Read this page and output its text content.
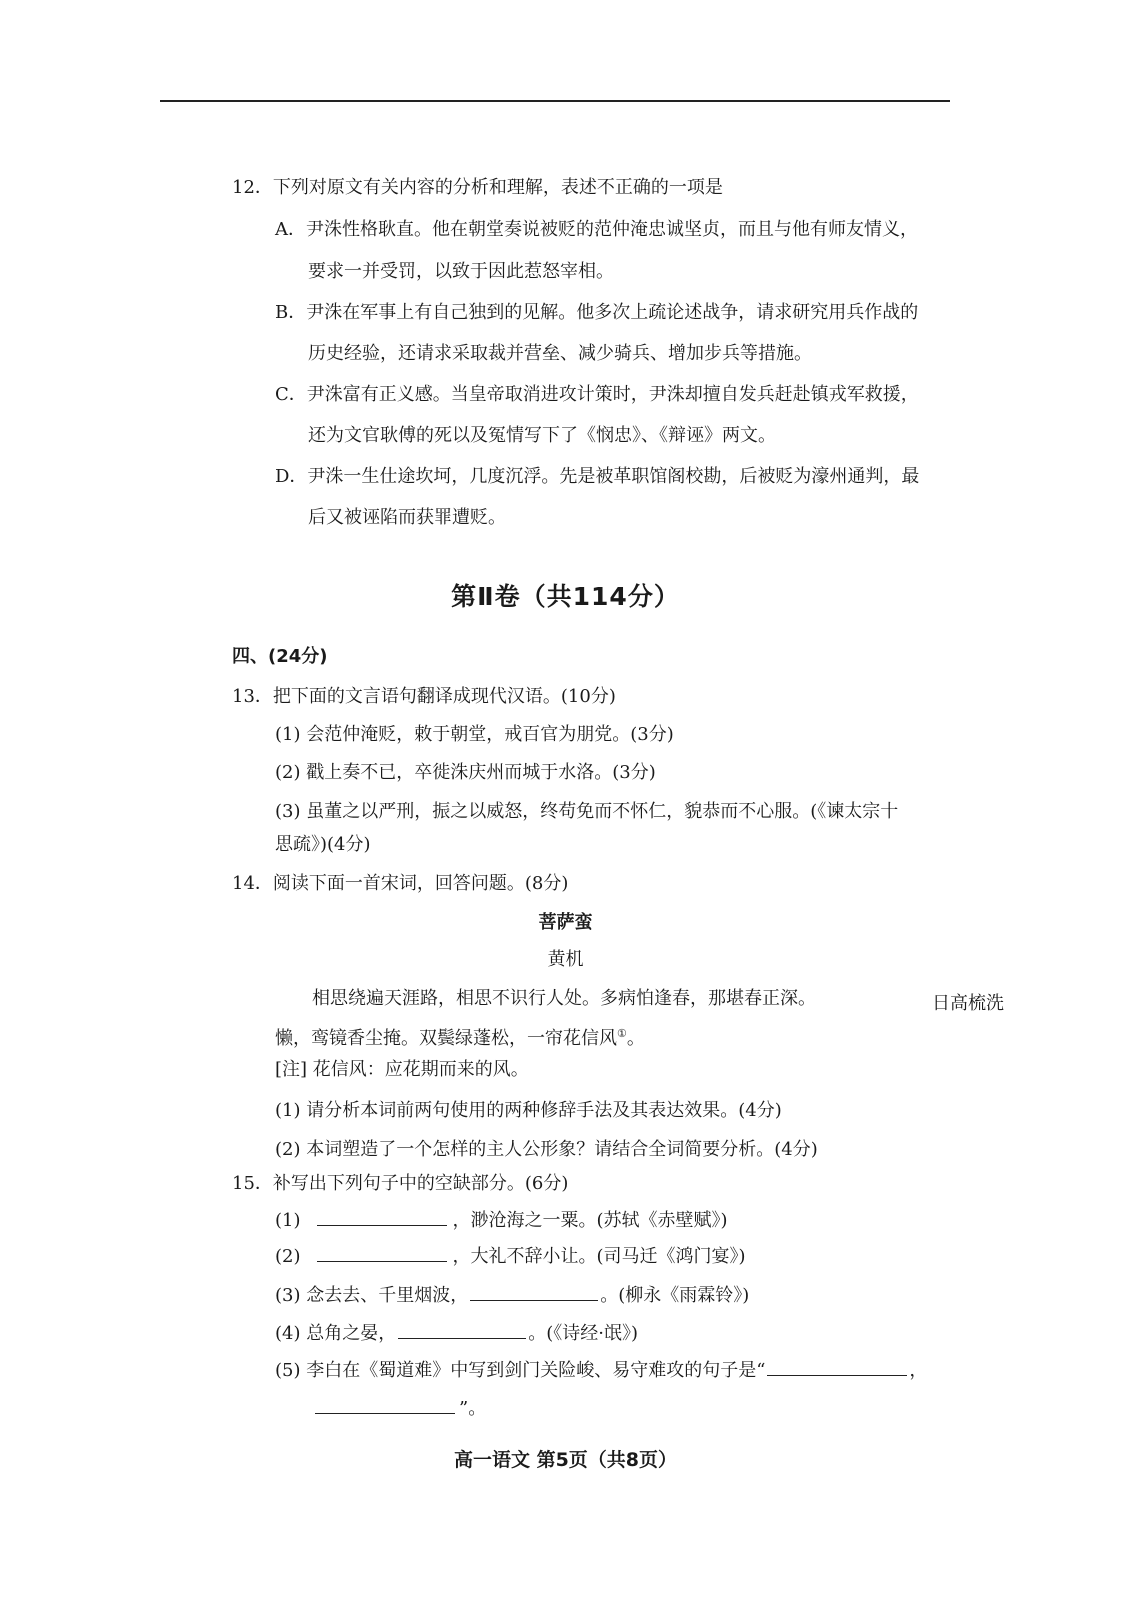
12．下列对原文有关内容的分析和理解，表述不正确的一项是
A．尹洙性格耿直。他在朝堂奏说被贬的范仲淹忠诚坚贞，而且与他有师友情义，
要求一并受罚，以致于因此惹怒宰相。
B．尹洙在军事上有自己独到的见解。他多次上疏论述战争，请求研究用兵作战的
历史经验，还请求采取裁并营垒、减少骑兵、增加步兵等措施。
C．尹洙富有正义感。当皇帝取消进攻计策时，尹洙却擅自发兵赶赴镇戎军救援，
还为文官耿傅的死以及冤情写下了《悯忠》、《辩诬》两文。
D．尹洙一生仕途坎坷，几度沉浮。先是被革职馆阁校勘，后被贬为濠州通判，最
后又被诬陷而获罪遭贬。
第Ⅱ卷（共114分）
四、(24分)
13．把下面的文言语句翻译成现代汉语。(10分)
(1) 会范仲淹贬，敕于朝堂，戒百官为朋党。(3分)
(2) 戳上奏不已，卒徙洙庆州而城于水洛。(3分)
(3) 虽董之以严刑，振之以威怒，终苟免而不怀仁，貌恭而不心服。(《谏太宗十
思疏》)(4分)
14．阅读下面一首宋词，回答问题。(8分)
菩萨蛮
黄机
相思绕遍天涯路，相思不识行人处。多病怕逢春，那堪春正深。	日高梳洗
懒，鸾镜香尘掩。双鬓绿蓬松，一帘花信风①。
[注] 花信风：应花期而来的风。
(1) 请分析本词前两句使用的两种修辞手法及其表达效果。(4分)
(2) 本词塑造了一个怎样的主人公形象？请结合全词简要分析。(4分)
15．补写出下列句子中的空缺部分。(6分)
(1)	，渺沧海之一粟。(苏轼《赤壁赋》)
(2)	，大礼不辞小让。(司马迁《鸿门宴》)
(3) 念去去、千里烟波，	。(柳永《雨霖铃》)
(4) 总角之晏，	。(《诗经·氓》)
(5) 李白在《蜀道难》中写到剑门关险峻、易守难攻的句子是“	，
”。
高一语文 第5页（共8页）
